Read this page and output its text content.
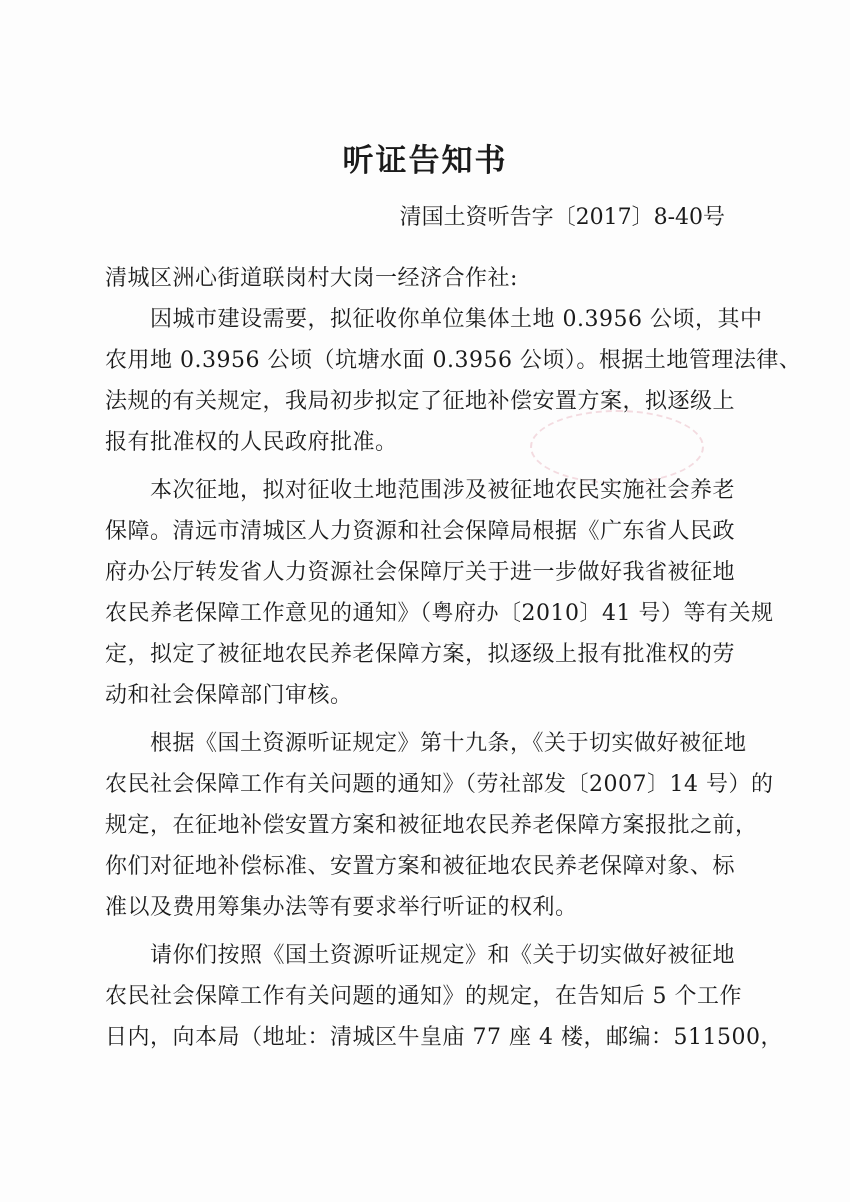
听证告知书
清国土资听告字〔2017〕8-40号
清城区洲心街道联岗村大岗一经济合作社:
　　因城市建设需要，拟征收你单位集体土地 0.3956 公顷，其中
农用地 0.3956 公顷（坑塘水面 0.3956 公顷）。根据土地管理法律、
法规的有关规定，我局初步拟定了征地补偿安置方案，拟逐级上
报有批准权的人民政府批准。
　　本次征地，拟对征收土地范围涉及被征地农民实施社会养老
保障。清远市清城区人力资源和社会保障局根据《广东省人民政
府办公厅转发省人力资源社会保障厅关于进一步做好我省被征地
农民养老保障工作意见的通知》（粤府办〔2010〕41 号）等有关规
定，拟定了被征地农民养老保障方案，拟逐级上报有批准权的劳
动和社会保障部门审核。
　　根据《国土资源听证规定》第十九条，《关于切实做好被征地
农民社会保障工作有关问题的通知》（劳社部发〔2007〕14 号）的
规定，在征地补偿安置方案和被征地农民养老保障方案报批之前，
你们对征地补偿标准、安置方案和被征地农民养老保障对象、标
准以及费用筹集办法等有要求举行听证的权利。
　　请你们按照《国土资源听证规定》和《关于切实做好被征地
农民社会保障工作有关问题的通知》的规定，在告知后 5 个工作
日内，向本局（地址：清城区牛皇庙 77 座 4 楼，邮编：511500，
